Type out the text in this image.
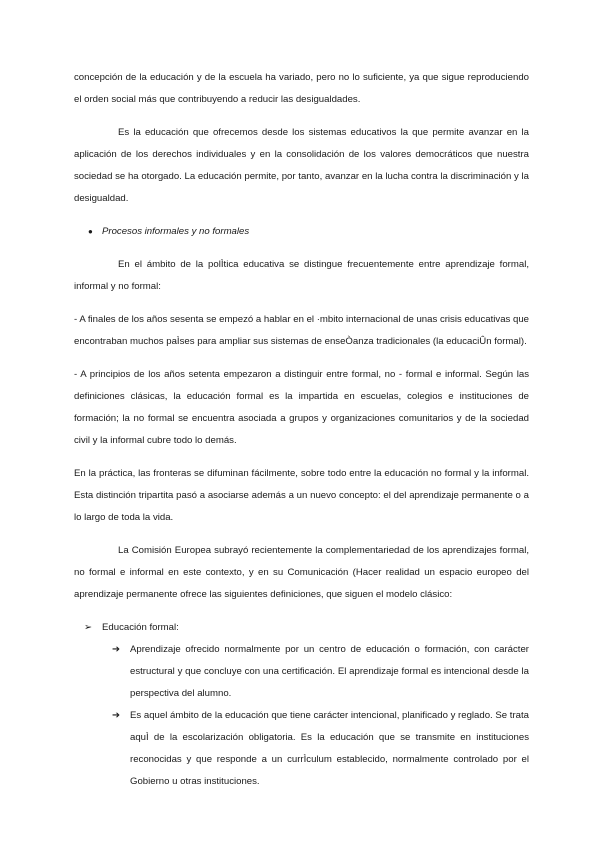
concepción de la educación y de la escuela ha variado, pero no lo suficiente, ya que sigue reproduciendo el orden social más que contribuyendo a reducir las desigualdades.

Es la educación que ofrecemos desde los sistemas educativos la que permite avanzar en la aplicación de los derechos individuales y en la consolidación de los valores democráticos que nuestra sociedad se ha otorgado. La educación permite, por tanto, avanzar en la lucha contra la discriminación y la desigualdad.

● Procesos informales y no formales

En el ámbito de la polÌtica educativa se distingue frecuentemente entre aprendizaje formal, informal y no formal:

- A finales de los años sesenta se empezó a hablar en el ·mbito internacional de unas crisis educativas que encontraban muchos paÌses para ampliar sus sistemas de enseÒanza tradicionales (la educaciÛn formal).

- A principios de los años setenta empezaron a distinguir entre formal, no - formal e informal. Según las definiciones clásicas, la educación formal es la impartida en escuelas, colegios e instituciones de formación; la no formal se encuentra asociada a grupos y organizaciones comunitarios y de la sociedad civil y la informal cubre todo lo demás.

En la práctica, las fronteras se difuminan fácilmente, sobre todo entre la educación no formal y la informal. Esta distinción tripartita pasó a asociarse además a un nuevo concepto: el del aprendizaje permanente o a lo largo de toda la vida.

La Comisión Europea subrayó recientemente la complementariedad de los aprendizajes formal, no formal e informal en este contexto, y en su Comunicación (Hacer realidad un espacio europeo del aprendizaje permanente ofrece las siguientes definiciones, que siguen el modelo clásico:

➢ Educación formal:
➔ Aprendizaje ofrecido normalmente por un centro de educación o formación, con carácter estructural y que concluye con una certificación. El aprendizaje formal es intencional desde la perspectiva del alumno.

➔ Es aquel ámbito de la educación que tiene carácter intencional, planificado y reglado. Se trata aquÌ de la escolarización obligatoria. Es la educación que se transmite en instituciones reconocidas y que responde a un currÌculum establecido, normalmente controlado por el Gobierno u otras instituciones.
